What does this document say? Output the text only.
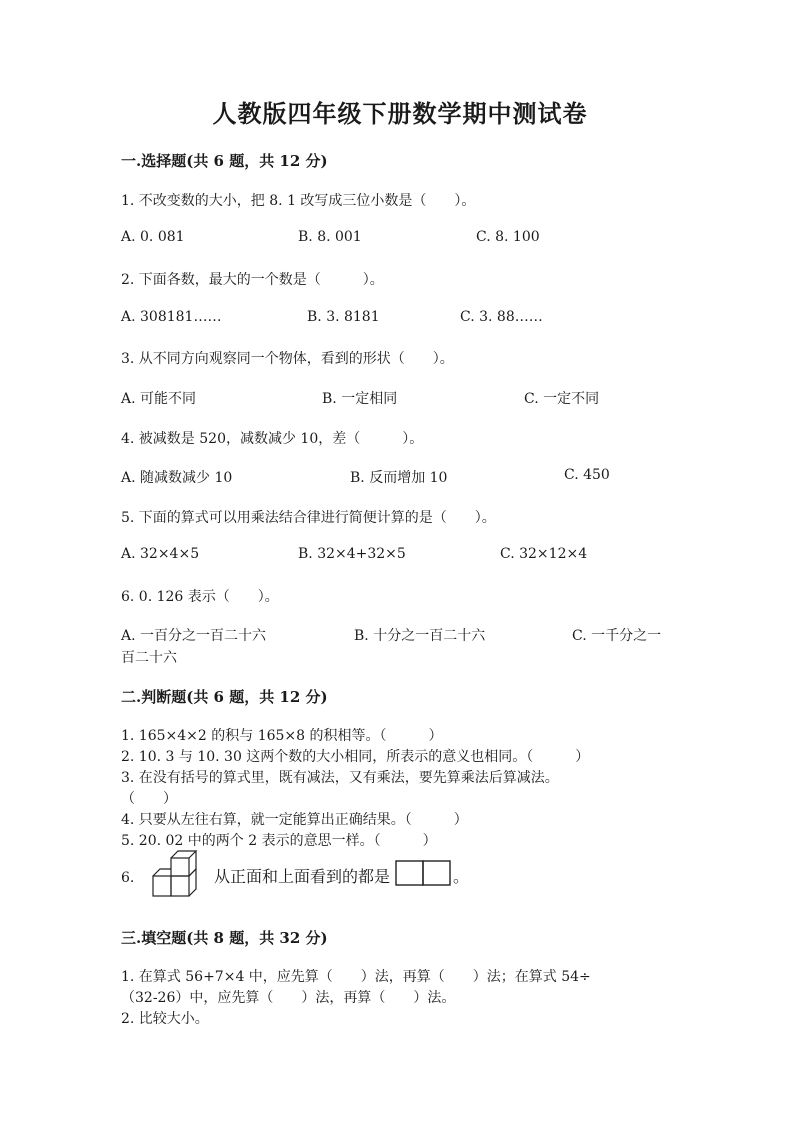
人教版四年级下册数学期中测试卷
一.选择题(共 6 题，共 12 分)
1. 不改变数的大小，把 8. 1 改写成三位小数是（　　）。
A. 0. 081	B. 8. 001	C. 8. 100
2. 下面各数，最大的一个数是（　　　）。
A. 308181……	B. 3. 8181	C. 3. 88……
3. 从不同方向观察同一个物体，看到的形状（　　）。
A. 可能不同	B. 一定相同	C. 一定不同
4. 被减数是 520，减数减少 10，差（　　　）。
A. 随减数减少 10	B. 反而增加 10	C. 450
5. 下面的算式可以用乘法结合律进行简便计算的是（　　）。
A. 32×4×5	B. 32×4+32×5	C. 32×12×4
6. 0. 126 表示（　　）。
A. 一百分之一百二十六	B. 十分之一百二十六	C. 一千分之一
百二十六
二.判断题(共 6 题，共 12 分)
1. 165×4×2 的积与 165×8 的积相等。（　　　）
2. 10. 3 与 10. 30 这两个数的大小相同，所表示的意义也相同。（　　　）
3. 在没有括号的算式里，既有减法，又有乘法，要先算乘法后算减法。
（　　）
4. 只要从左往右算，就一定能算出正确结果。（　　　）
5. 20. 02 中的两个 2 表示的意思一样。（　　　）
6.	从正面和上面看到的都是	。
三.填空题(共 8 题，共 32 分)
1. 在算式 56+7×4 中，应先算（　　）法，再算（　　）法；在算式 54÷
（32-26）中，应先算（　　）法，再算（　　）法。
2. 比较大小。
